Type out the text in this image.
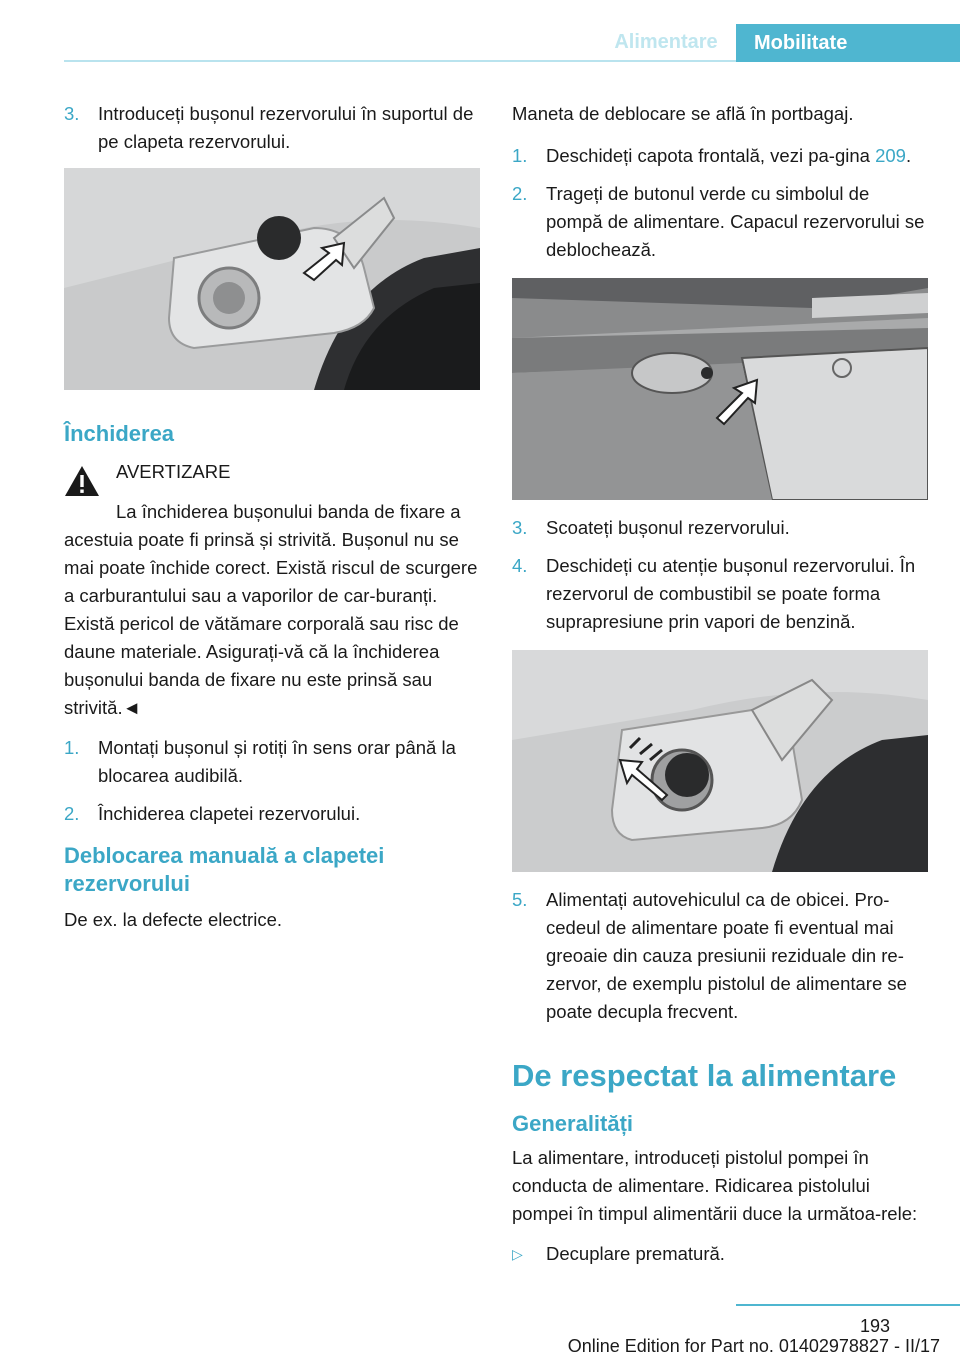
Alimentare	Mobilitate
3.	Introduceți bușonul rezervorului în suportul de pe clapeta rezervorului.
Închiderea

AVERTIZARE

La închiderea bușonului banda de fixare a acestuia poate fi prinsă și strivită. Bușonul nu se mai poate închide corect. Există riscul de scurgere a carburantului sau a vaporilor de car-buranți. Există pericol de vătămare corporală sau risc de daune materiale. Asigurați-vă că la închiderea bușonului banda de fixare nu este prinsă sau strivită.◄

1.	Montați bușonul și rotiți în sens orar până la blocarea audibilă.
2.	Închiderea clapetei rezervorului.
Deblocarea manuală a clapetei rezervorului

De ex. la defecte electrice.

Maneta de deblocare se află în portbagaj.

1.	Deschideți capota frontală, vezi pa-gina 209.
2.	Trageți de butonul verde cu simbolul de pompă de alimentare. Capacul rezervorului se deblochează.
3.	Scoateți bușonul rezervorului.
4.	Deschideți cu atenție bușonul rezervorului. În rezervorul de combustibil se poate forma suprapresiune prin vapori de benzină.
5.	Alimentați autovehiculul ca de obicei. Pro-cedeul de alimentare poate fi eventual mai greoaie din cauza presiunii reziduale din re-zervor, de exemplu pistolul de alimentare se poate decupla frecvent.
De respectat la alimentare
Generalități

La alimentare, introduceți pistolul pompei în conducta de alimentare. Ridicarea pistolului pompei în timpul alimentării duce la următoa-rele:

▷	Decuplare prematură.
193
Online Edition for Part no. 01402978827 - II/17
